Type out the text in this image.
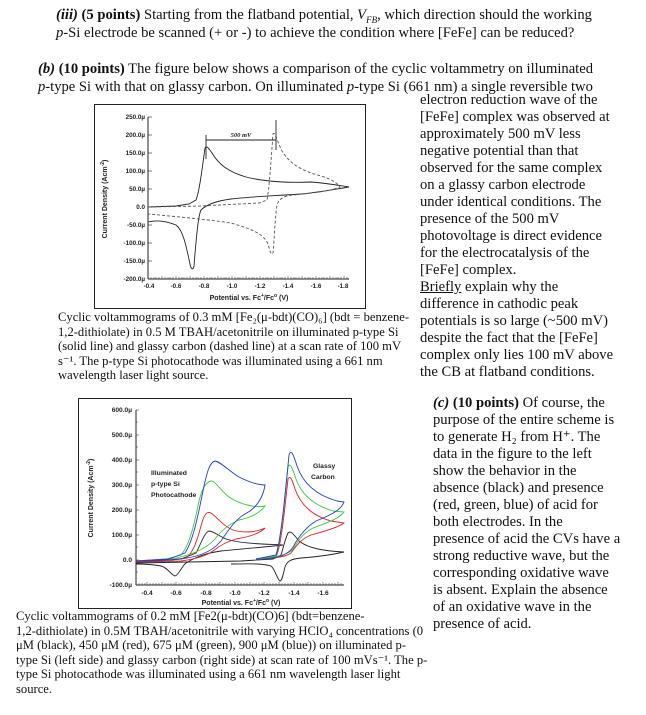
(iii) (5 points) Starting from the flatband potential, $V_{FB}$, which direction should the working
p-Si electrode be scanned (+ or -) to achieve the condition where [FeFe] can be reduced?
(b) (10 points) The figure below shows a comparison of the cyclic voltammetry on illuminated
p-type Si with that on glassy carbon. On illuminated p-type Si (661 nm) a single reversible two
electron reduction wave of the
[FeFe] complex was observed at
approximately 500 mV less
negative potential than that
observed for the same complex
on a glassy carbon electrode
under identical conditions. The
presence of the 500 mV
photovoltage is direct evidence
for the electrocatalysis of the
[FeFe] complex.
Briefly explain why the
difference in cathodic peak
potentials is so large (~500 mV)
despite the fact that the [FeFe]
complex only lies 100 mV above
the CB at flatband conditions.
250.0µ
200.0µ
150.0µ
100.0µ
50.0µ
0.0
-50.0µ
-100.0µ
-150.0µ
-200.0µ
-0.4	-0.6	-0.8	-1.0	-1.2	-1.4	-1.6	-1.8
Potential vs. Fc+/Fc$^o$ (V)
Current Density (Acm$^{-2}$)
500 mV
Cyclic voltammograms of 0.3 mM [Fe₂(μ-bdt)(CO)₆] (bdt = benzene-
1,2-dithiolate) in 0.5 M TBAH/acetonitrile on illuminated p-type Si
(solid line) and glassy carbon (dashed line) at a scan rate of 100 mV
s⁻¹. The p-type Si photocathode was illuminated using a 661 nm
wavelength laser light source.
600.0µ
500.0µ
400.0µ
300.0µ
200.0µ
100.0µ
0.0
-100.0µ
-0.4	-0.6	-0.8	-1.0	-1.2	-1.4	-1.6
Potential vs. Fc+/Fc$^o$ (V)
Current Density (Acm$^{-2}$)
Illuminated p-type Si Photocathode
Glassy Carbon
Cyclic voltammograms of 0.2 mM [Fe2(μ-bdt)(CO)6] (bdt=benzene-
1,2-dithiolate) in 0.5M TBAH/acetonitrile with varying HClO₄ concentrations (0
μM (black), 450 μM (red), 675 μM (green), 900 μM (blue)) on illuminated p-
type Si (left side) and glassy carbon (right side) at scan rate of 100 mVs⁻¹. The p-
type Si photocathode was illuminated using a 661 nm wavelength laser light
source.
(c) (10 points) Of course, the
purpose of the entire scheme is
to generate H₂ from H⁺. The
data in the figure to the left
show the behavior in the
absence (black) and presence
(red, green, blue) of acid for
both electrodes. In the
presence of acid the CVs have a
strong reductive wave, but the
corresponding oxidative wave
is absent. Explain the absence
of an oxidative wave in the
presence of acid.
